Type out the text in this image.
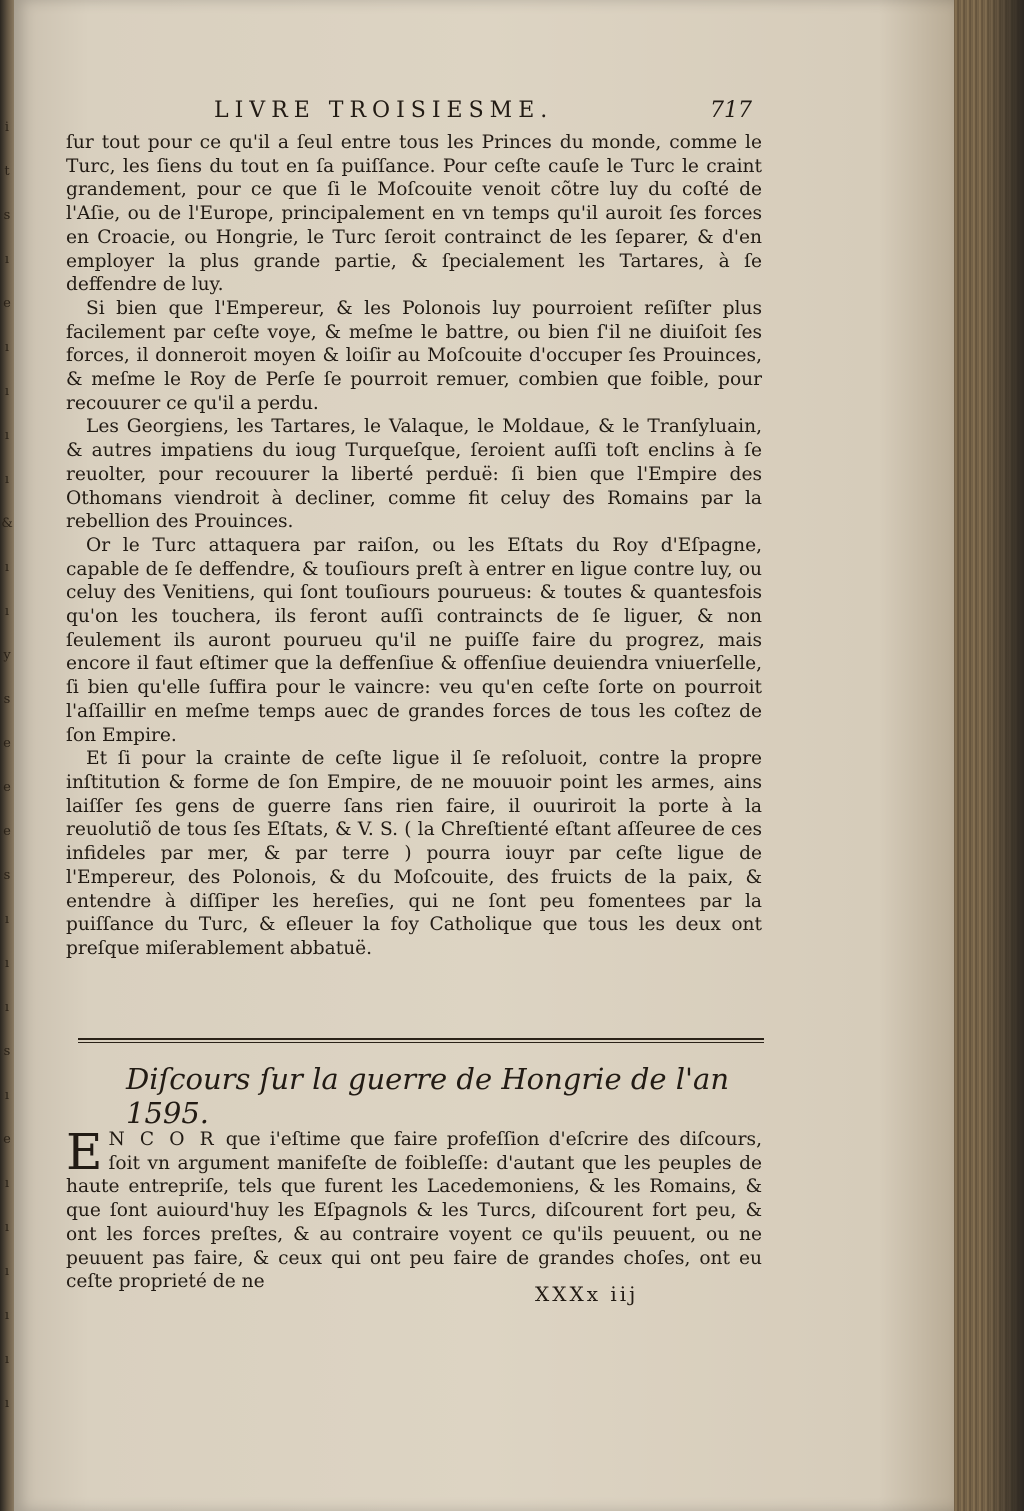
i
t
s
ı
e
ı
ı
ı
ı
&
ı
ı
y
s
e
e
e
s
ı
ı
ı
s
ı
e
ı
ı
ı
ı
ı
ı
LIVRE TROISIESME.	717

ſur tout pour ce qu'il a ſeul entre tous les Princes du monde, comme le Turc, les ſiens du tout en ſa puiſſance. Pour ceſte cauſe le Turc le craint grandement, pour ce que ſi le Moſcouite venoit cõtre luy du coſté de l'Aſie, ou de l'Europe, principalement en vn temps qu'il auroit ſes forces en Croacie, ou Hongrie, le Turc ſeroit contrainct de les ſeparer, & d'en employer la plus grande partie, & ſpecialement les Tartares, à ſe deffendre de luy.

Si bien que l'Empereur, & les Polonois luy pourroient reſiſter plus facilement par ceſte voye, & meſme le battre, ou bien ſ'il ne diuiſoit ſes forces, il donneroit moyen & loiſir au Moſcouite d'occuper ſes Prouinces, & meſme le Roy de Perſe ſe pourroit remuer, combien que foible, pour recouurer ce qu'il a perdu.

Les Georgiens, les Tartares, le Valaque, le Moldaue, & le Tranſyluain, & autres impatiens du ioug Turqueſque, ſeroient auſſi toſt enclins à ſe reuolter, pour recouurer la liberté perduë: ſi bien que l'Empire des Othomans viendroit à decliner, comme fit celuy des Romains par la rebellion des Prouinces.

Or le Turc attaquera par raiſon, ou les Eſtats du Roy d'Eſpagne, capable de ſe deffendre, & touſiours preſt à entrer en ligue contre luy, ou celuy des Venitiens, qui ſont touſiours pourueus: & toutes & quantesfois qu'on les touchera, ils feront auſſi contraincts de ſe liguer, & non ſeulement ils auront pourueu qu'il ne puiſſe faire du progrez, mais encore il faut eſtimer que la deffenſiue & offenſiue deuiendra vniuerſelle, ſi bien qu'elle ſuffira pour le vaincre: veu qu'en ceſte ſorte on pourroit l'aſſaillir en meſme temps auec de grandes forces de tous les coſtez de ſon Empire.

Et ſi pour la crainte de ceſte ligue il ſe reſoluoit, contre la propre inſtitution & forme de ſon Empire, de ne mouuoir point les armes, ains laiſſer ſes gens de guerre ſans rien faire, il ouuriroit la porte à la reuolutiõ de tous ſes Eſtats, & V. S. ( la Chreſtienté eſtant aſſeuree de ces infideles par mer, & par terre ) pourra iouyr par ceſte ligue de l'Empereur, des Polonois, & du Moſcouite, des fruicts de la paix, & entendre à diſſiper les hereſies, qui ne ſont peu fomentees par la puiſſance du Turc, & eſleuer la foy Catholique que tous les deux ont preſque miſerablement abbatuë.

Diſcours ſur la guerre de Hongrie de l'an 1595.
E N C O R que i'eſtime que faire profeſſion d'eſcrire des diſcours, ſoit vn argument manifeſte de foibleſſe: d'autant que les peuples de haute entrepriſe, tels que furent les Lacedemoniens, & les Romains, & que ſont auiourd'huy les Eſpagnols & les Turcs, diſcourent fort peu, & ont les forces preſtes, & au contraire voyent ce qu'ils peuuent, ou ne peuuent pas faire, & ceux qui ont peu faire de grandes choſes, ont eu ceſte proprieté de ne
XXXx iij
